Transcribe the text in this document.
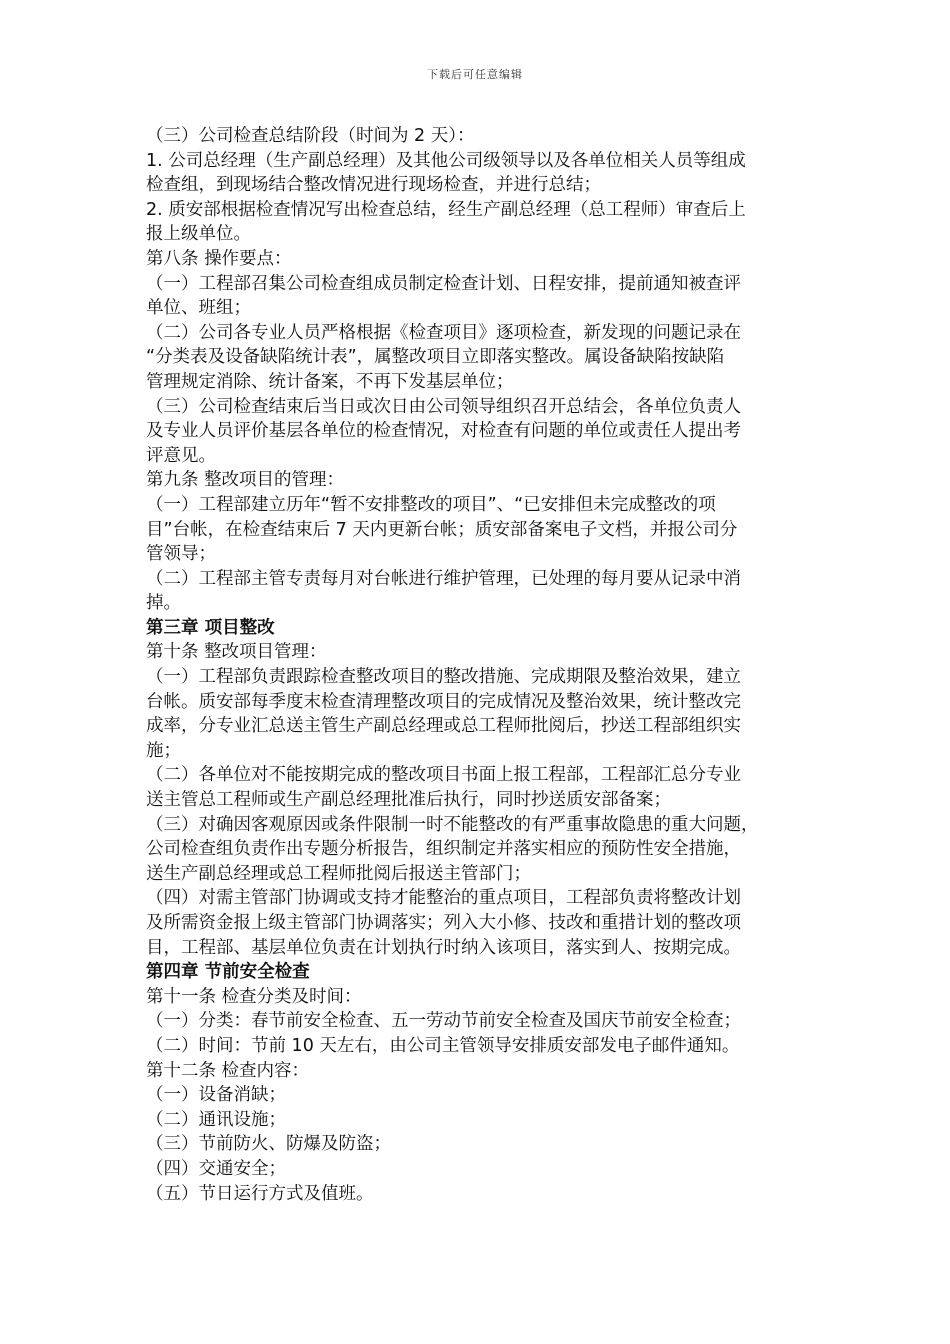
下载后可任意编辑

（三）公司检查总结阶段（时间为 2 天）：

1. 公司总经理（生产副总经理）及其他公司级领导以及各单位相关人员等组成

检查组，到现场结合整改情况进行现场检查，并进行总结；

2. 质安部根据检查情况写出检查总结，经生产副总经理（总工程师）审查后上

报上级单位。

第八条 操作要点：

（一）工程部召集公司检查组成员制定检查计划、日程安排，提前通知被查评

单位、班组；

（二）公司各专业人员严格根据《检查项目》逐项检查，新发现的问题记录在

“分类表及设备缺陷统计表”，属整改项目立即落实整改。属设备缺陷按缺陷

管理规定消除、统计备案，不再下发基层单位；

（三）公司检查结束后当日或次日由公司领导组织召开总结会，各单位负责人

及专业人员评价基层各单位的检查情况，对检查有问题的单位或责任人提出考

评意见。

第九条 整改项目的管理：

（一）工程部建立历年“暂不安排整改的项目”、“已安排但未完成整改的项

目”台帐，在检查结束后 7 天内更新台帐；质安部备案电子文档，并报公司分

管领导；

（二）工程部主管专责每月对台帐进行维护管理，已处理的每月要从记录中消

掉。

第三章 项目整改

第十条 整改项目管理：

（一）工程部负责跟踪检查整改项目的整改措施、完成期限及整治效果，建立

台帐。质安部每季度末检查清理整改项目的完成情况及整治效果，统计整改完

成率，分专业汇总送主管生产副总经理或总工程师批阅后，抄送工程部组织实

施；

（二）各单位对不能按期完成的整改项目书面上报工程部，工程部汇总分专业

送主管总工程师或生产副总经理批准后执行，同时抄送质安部备案；

（三）对确因客观原因或条件限制一时不能整改的有严重事故隐患的重大问题，

公司检查组负责作出专题分析报告，组织制定并落实相应的预防性安全措施，

送生产副总经理或总工程师批阅后报送主管部门；

（四）对需主管部门协调或支持才能整治的重点项目，工程部负责将整改计划

及所需资金报上级主管部门协调落实；列入大小修、技改和重措计划的整改项

目，工程部、基层单位负责在计划执行时纳入该项目，落实到人、按期完成。

第四章 节前安全检查

第十一条 检查分类及时间：

（一）分类：春节前安全检查、五一劳动节前安全检查及国庆节前安全检查；

（二）时间：节前 10 天左右，由公司主管领导安排质安部发电子邮件通知。

第十二条 检查内容：

（一）设备消缺；

（二）通讯设施；

（三）节前防火、防爆及防盗；

（四）交通安全；

（五）节日运行方式及值班。
